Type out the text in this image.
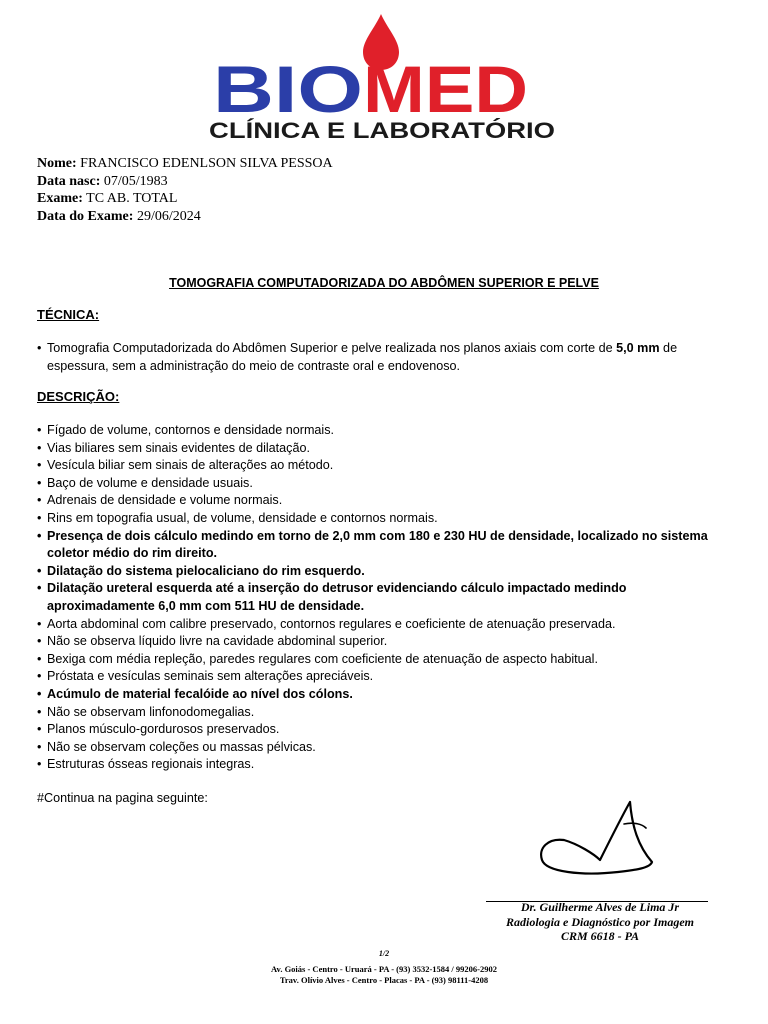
BIO MED
CLÍNICA E LABORATÓRIO
Nome: FRANCISCO EDENLSON SILVA PESSOA
Data nasc: 07/05/1983
Exame: TC AB. TOTAL
Data do Exame: 29/06/2024
TOMOGRAFIA COMPUTADORIZADA DO ABDÔMEN SUPERIOR E PELVE
TÉCNICA:
• Tomografia Computadorizada do Abdômen Superior e pelve realizada nos planos axiais com corte de 5,0 mm de espessura, sem a administração do meio de contraste oral e endovenoso.
DESCRIÇÃO:
• Fígado de volume, contornos e densidade normais.
• Vias biliares sem sinais evidentes de dilatação.
• Vesícula biliar sem sinais de alterações ao método.
• Baço de volume e densidade usuais.
• Adrenais de densidade e volume normais.
• Rins em topografia usual, de volume, densidade e contornos normais.
• Presença de dois cálculo medindo em torno de 2,0 mm com 180 e 230 HU de densidade, localizado no sistema coletor médio do rim direito.
• Dilatação do sistema pielocaliciano do rim esquerdo.
• Dilatação ureteral esquerda até a inserção do detrusor evidenciando cálculo impactado medindo aproximadamente 6,0 mm com 511 HU de densidade.
• Aorta abdominal com calibre preservado, contornos regulares e coeficiente de atenuação preservada.
• Não se observa líquido livre na cavidade abdominal superior.
• Bexiga com média repleção, paredes regulares com coeficiente de atenuação de aspecto habitual.
• Próstata e vesículas seminais sem alterações apreciáveis.
• Acúmulo de material fecalóide ao nível dos cólons.
• Não se observam linfonodomegalias.
• Planos músculo-gordurosos preservados.
• Não se observam coleções ou massas pélvicas.
• Estruturas ósseas regionais integras.
#Continua na pagina seguinte:
Dr. Guilherme Alves de Lima Jr
Radiologia e Diagnóstico por Imagem
CRM 6618 - PA
1/2
Av. Goiás - Centro - Uruará - PA - (93) 3532-1584 / 99206-2902
Trav. Olívio Alves - Centro - Placas - PA - (93) 98111-4208
